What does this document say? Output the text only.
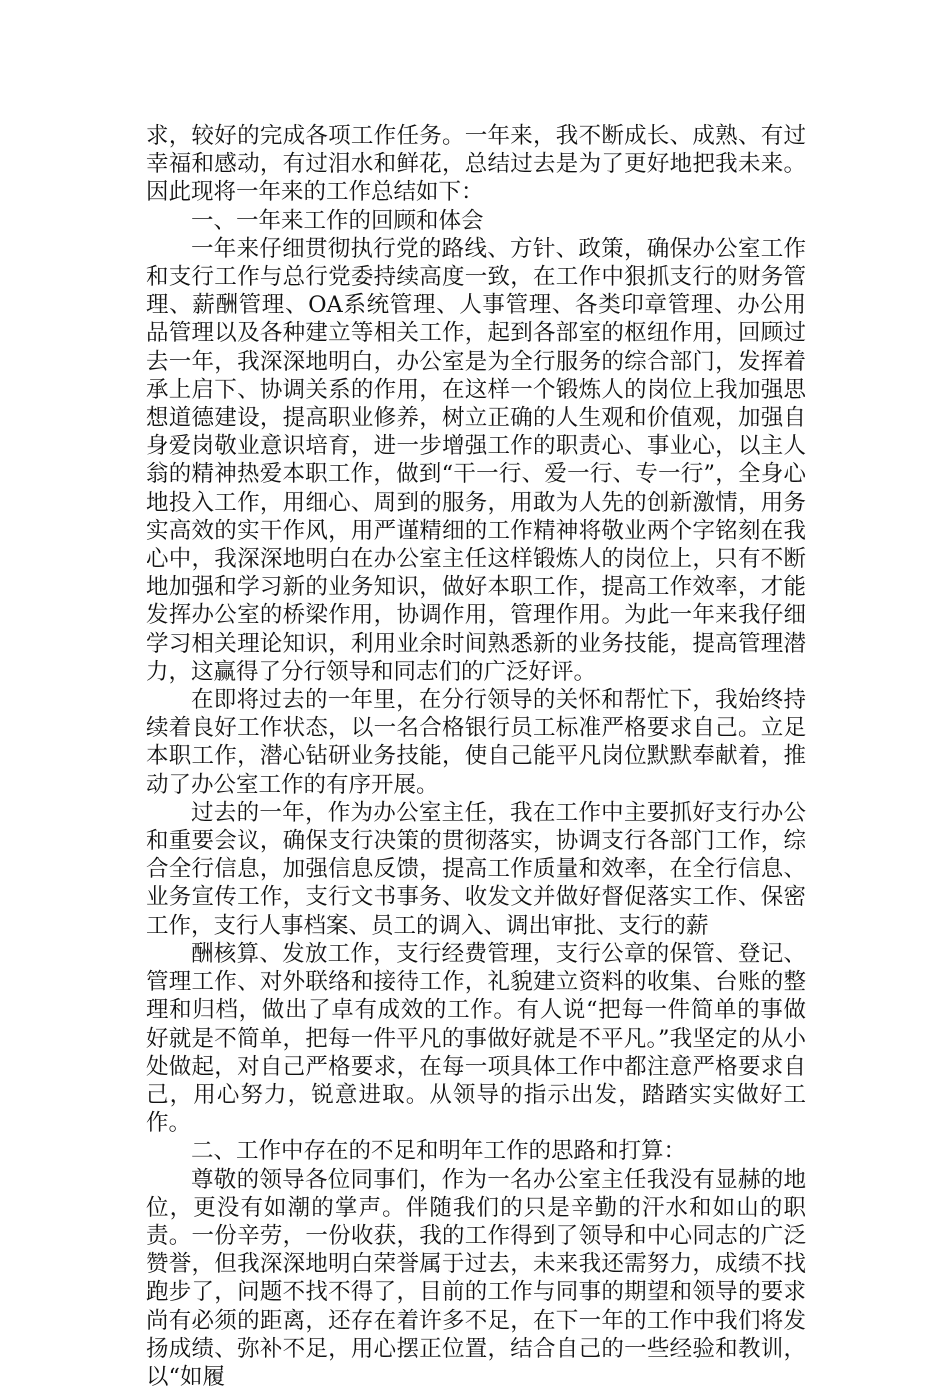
求，较好的完成各项工作任务。一年来，我不断成长、成熟、有过幸福和感动，有过泪水和鲜花，总结过去是为了更好地把我未来。因此现将一年来的工作总结如下：

一、一年来工作的回顾和体会

一年来仔细贯彻执行党的路线、方针、政策，确保办公室工作和支行工作与总行党委持续高度一致，在工作中狠抓支行的财务管理、薪酬管理、OA系统管理、人事管理、各类印章管理、办公用品管理以及各种建立等相关工作，起到各部室的枢纽作用，回顾过去一年，我深深地明白，办公室是为全行服务的综合部门，发挥着承上启下、协调关系的作用，在这样一个锻炼人的岗位上我加强思想道德建设，提高职业修养，树立正确的人生观和价值观，加强自身爱岗敬业意识培育，进一步增强工作的职责心、事业心，以主人翁的精神热爱本职工作，做到“干一行、爱一行、专一行”，全身心地投入工作，用细心、周到的服务，用敢为人先的创新激情，用务实高效的实干作风，用严谨精细的工作精神将敬业两个字铭刻在我心中，我深深地明白在办公室主任这样锻炼人的岗位上，只有不断地加强和学习新的业务知识，做好本职工作，提高工作效率，才能发挥办公室的桥梁作用，协调作用，管理作用。为此一年来我仔细学习相关理论知识，利用业余时间熟悉新的业务技能，提高管理潜力，这赢得了分行领导和同志们的广泛好评。

在即将过去的一年里，在分行领导的关怀和帮忙下，我始终持续着良好工作状态，以一名合格银行员工标准严格要求自己。立足本职工作，潜心钻研业务技能，使自己能平凡岗位默默奉献着，推动了办公室工作的有序开展。

过去的一年，作为办公室主任，我在工作中主要抓好支行办公和重要会议，确保支行决策的贯彻落实，协调支行各部门工作，综合全行信息，加强信息反馈，提高工作质量和效率，在全行信息、业务宣传工作，支行文书事务、收发文并做好督促落实工作、保密工作，支行人事档案、员工的调入、调出审批、支行的薪

酬核算、发放工作，支行经费管理，支行公章的保管、登记、管理工作、对外联络和接待工作，礼貌建立资料的收集、台账的整理和归档，做出了卓有成效的工作。有人说“把每一件简单的事做好就是不简单，把每一件平凡的事做好就是不平凡。”我坚定的从小处做起，对自己严格要求，在每一项具体工作中都注意严格要求自己，用心努力，锐意进取。从领导的指示出发，踏踏实实做好工作。

二、工作中存在的不足和明年工作的思路和打算：

尊敬的领导各位同事们，作为一名办公室主任我没有显赫的地位，更没有如潮的掌声。伴随我们的只是辛勤的汗水和如山的职责。一份辛劳，一份收获，我的工作得到了领导和中心同志的广泛赞誉，但我深深地明白荣誉属于过去，未来我还需努力，成绩不找跑步了，问题不找不得了，目前的工作与同事的期望和领导的要求尚有必须的距离，还存在着许多不足，在下一年的工作中我们将发扬成绩、弥补不足，用心摆正位置，结合自己的一些经验和教训，以“如履
